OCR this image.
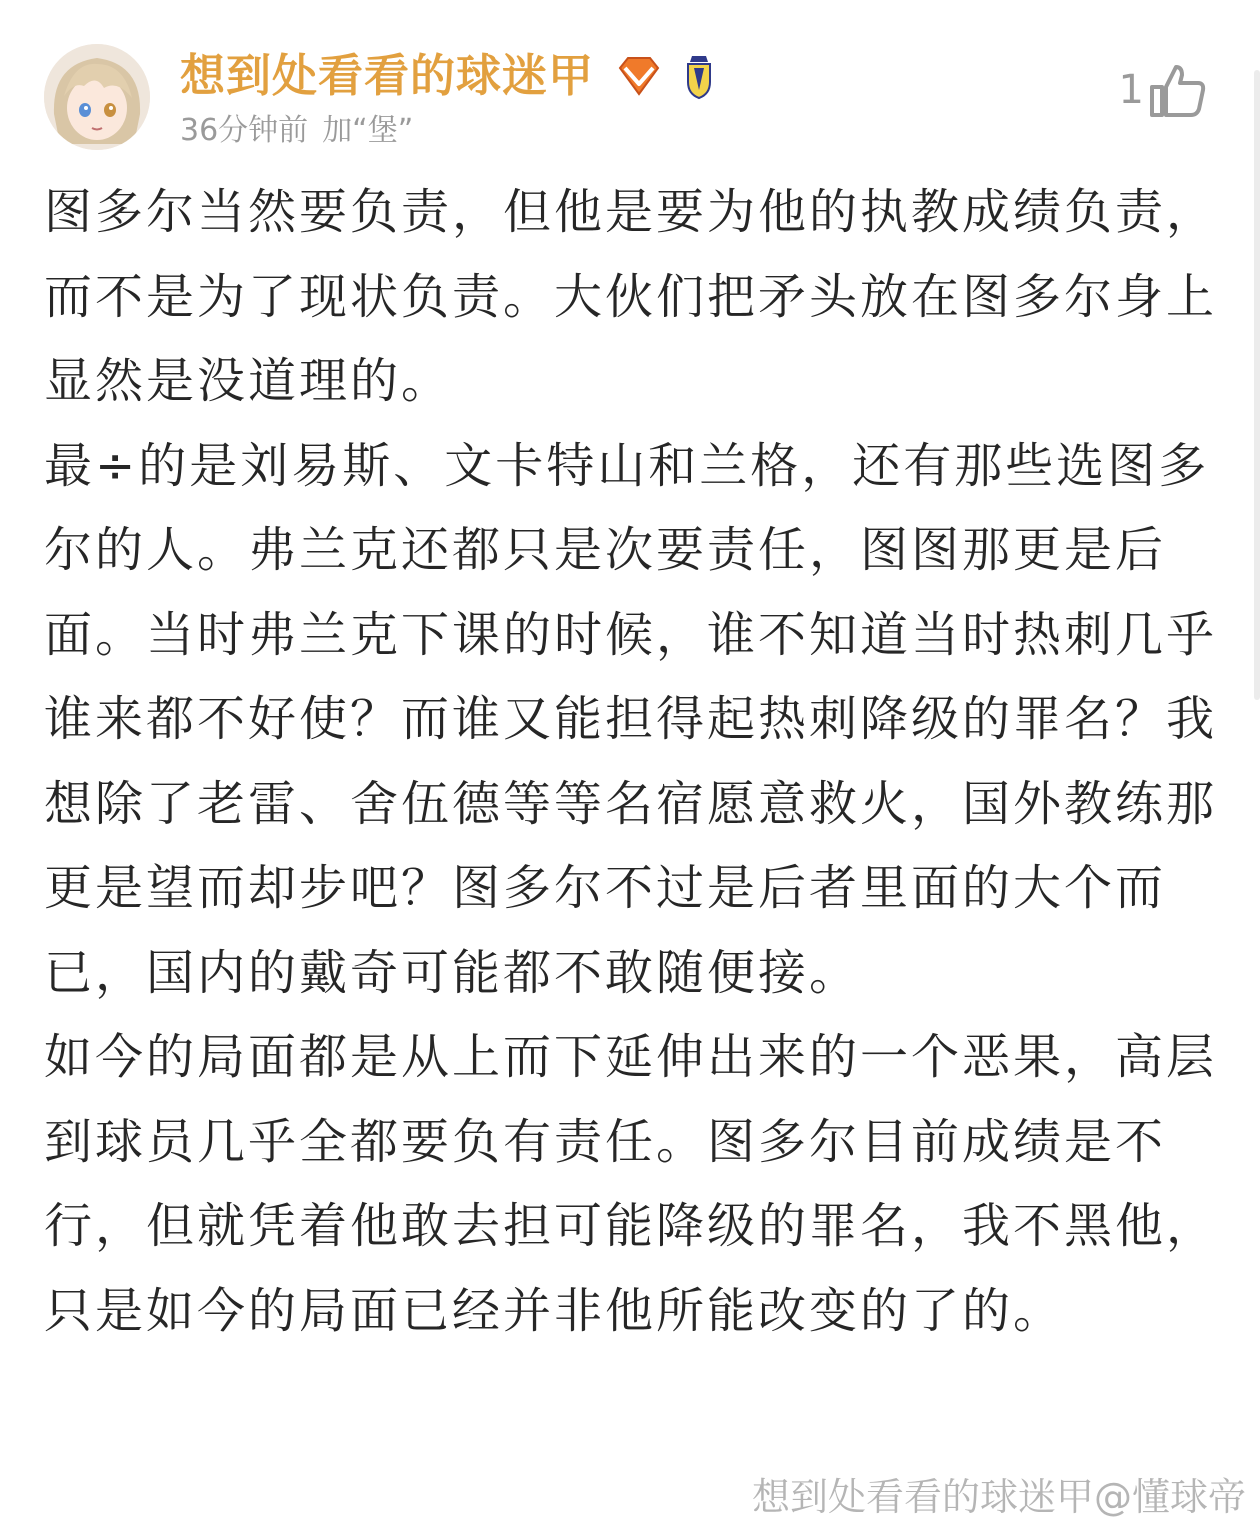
想到处看看的球迷甲
36分钟前 加“堡”
1

图多尔当然要负责，但他是要为他的执教成绩负责，而不是为了现状负责。大伙们把矛头放在图多尔身上显然是没道理的。

最÷的是刘易斯、文卡特山和兰格，还有那些选图多尔的人。弗兰克还都只是次要责任，图图那更是后面。当时弗兰克下课的时候，谁不知道当时热刺几乎谁来都不好使？而谁又能担得起热刺降级的罪名？我想除了老雷、舍伍德等等名宿愿意救火，国外教练那更是望而却步吧？图多尔不过是后者里面的大个而已，国内的戴奇可能都不敢随便接。

如今的局面都是从上而下延伸出来的一个恶果，高层到球员几乎全都要负有责任。图多尔目前成绩是不行，但就凭着他敢去担可能降级的罪名，我不黑他，只是如今的局面已经并非他所能改变的了的。

想到处看看的球迷甲@懂球帝
